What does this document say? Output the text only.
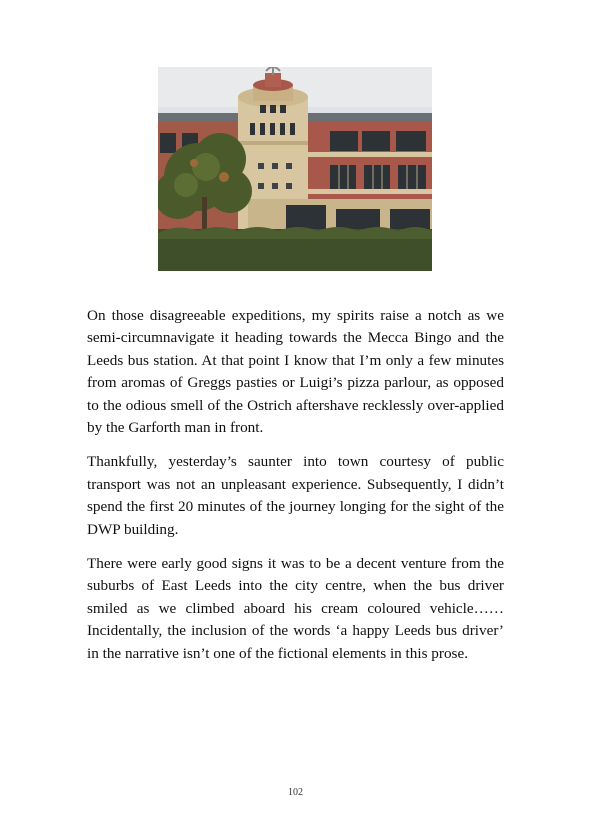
On those disagreeable expeditions, my spirits raise a notch as we semi-circumnavigate it heading towards the Mecca Bingo and the Leeds bus station. At that point I know that I’m only a few minutes from aromas of Greggs pasties or Luigi’s pizza parlour, as opposed to the odious smell of the Ostrich aftershave recklessly over-applied by the Garforth man in front.

Thankfully, yesterday’s saunter into town courtesy of public transport was not an unpleasant experience. Subsequently, I didn’t spend the first 20 minutes of the journey longing for the sight of the DWP building.

There were early good signs it was to be a decent venture from the suburbs of East Leeds into the city centre, when the bus driver smiled as we climbed aboard his cream coloured vehicle…… Incidentally, the inclusion of the words ‘a happy Leeds bus driver’ in the narrative isn’t one of the fictional elements in this prose.

102
